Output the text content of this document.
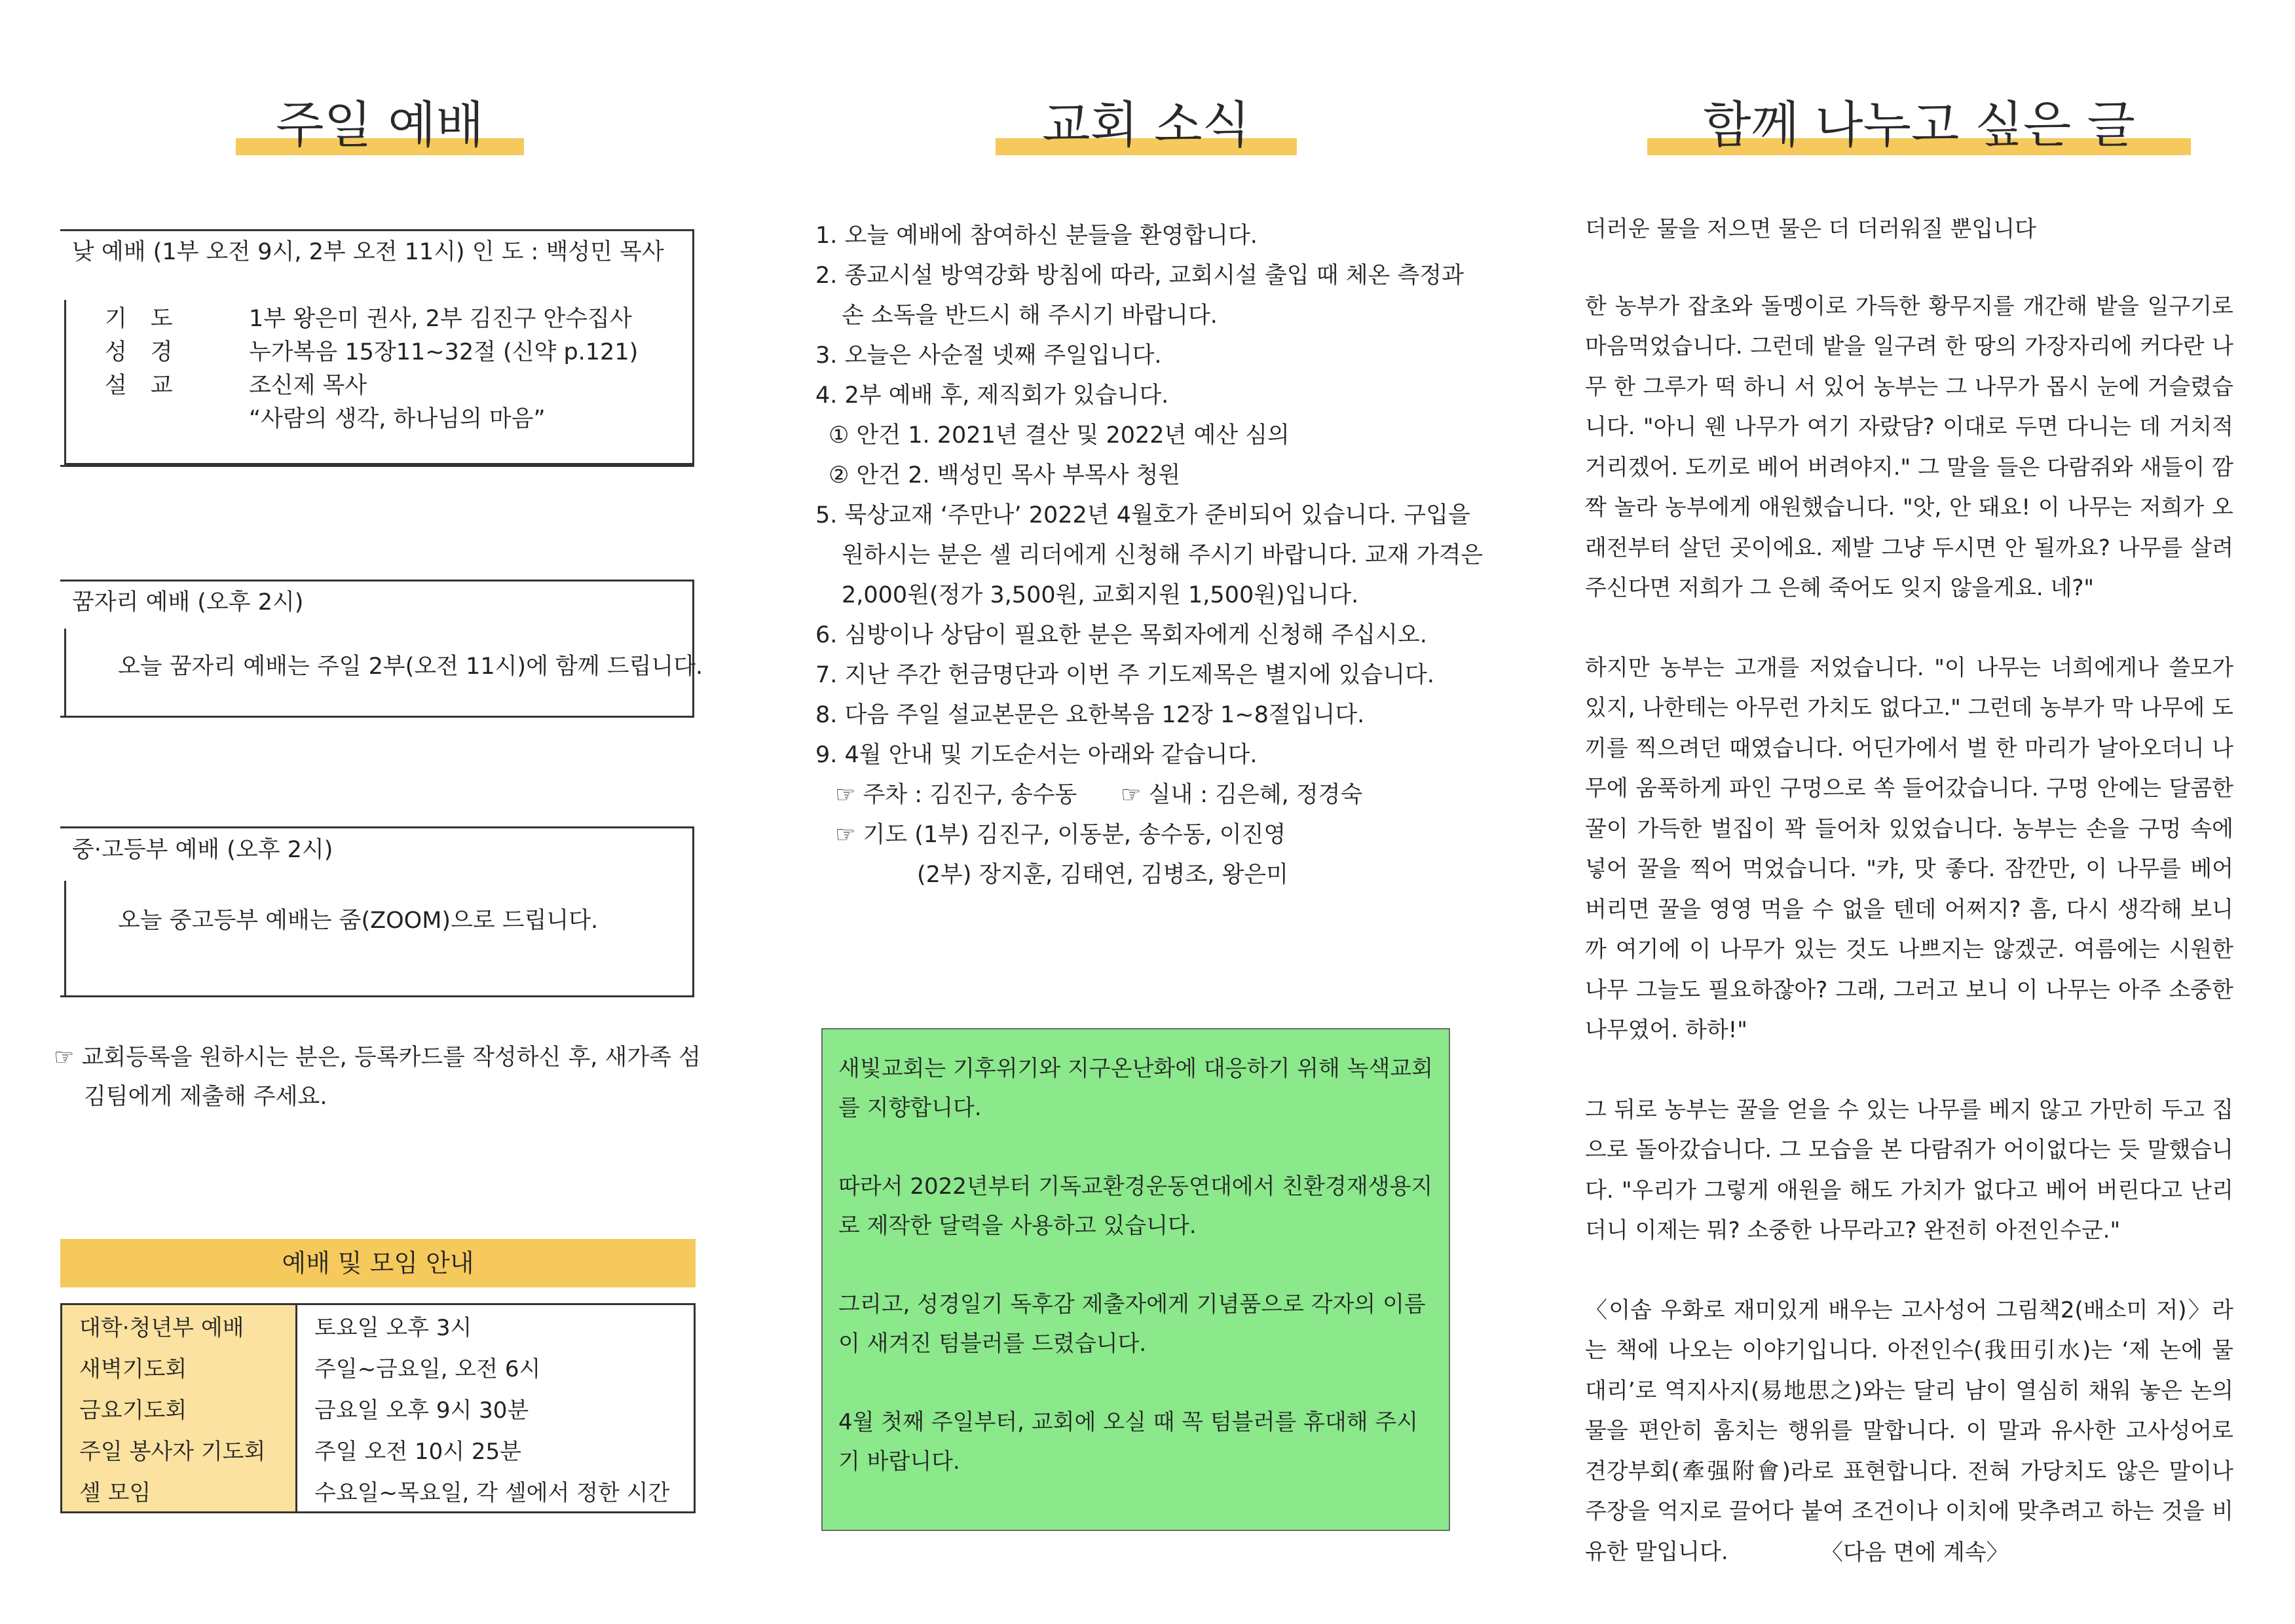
주일 예배	교회 소식	함께 나누고 싶은 글
낮 예배 (1부 오전 9시, 2부 오전 11시) 인 도 : 백성민 목사
기도	1부 왕은미 권사, 2부 김진구 안수집사
성경	누가복음 15장11~32절 (신약 p.121)
설교	조신제 목사
“사람의 생각, 하나님의 마음”
꿈자리 예배 (오후 2시)
오늘 꿈자리 예배는 주일 2부(오전 11시)에 함께 드립니다.
중·고등부 예배 (오후 2시)
오늘 중고등부 예배는 줌(ZOOM)으로 드립니다.
☞ 교회등록을 원하시는 분은, 등록카드를 작성하신 후, 새가족 섬김팀에게 제출해 주세요.
예배 및 모임 안내
대학·청년부 예배	토요일 오후 3시
새벽기도회	주일~금요일, 오전 6시
금요기도회	금요일 오후 9시 30분
주일 봉사자 기도회	주일 오전 10시 25분
셀 모임	수요일~목요일, 각 셀에서 정한 시간
1. 오늘 예배에 참여하신 분들을 환영합니다.
2. 종교시설 방역강화 방침에 따라, 교회시설 출입 때 체온 측정과
손 소독을 반드시 해 주시기 바랍니다.
3. 오늘은 사순절 넷째 주일입니다.
4. 2부 예배 후, 제직회가 있습니다.
① 안건 1. 2021년 결산 및 2022년 예산 심의
② 안건 2. 백성민 목사 부목사 청원
5. 묵상교재 ‘주만나’ 2022년 4월호가 준비되어 있습니다. 구입을
원하시는 분은 셀 리더에게 신청해 주시기 바랍니다. 교재 가격은
2,000원(정가 3,500원, 교회지원 1,500원)입니다.
6. 심방이나 상담이 필요한 분은 목회자에게 신청해 주십시오.
7. 지난 주간 헌금명단과 이번 주 기도제목은 별지에 있습니다.
8. 다음 주일 설교본문은 요한복음 12장 1~8절입니다.
9. 4월 안내 및 기도순서는 아래와 같습니다.
☞ 주차 : 김진구, 송수동      ☞ 실내 : 김은혜, 정경숙
☞ 기도 (1부) 김진구, 이동분, 송수동, 이진영
(2부) 장지훈, 김태연, 김병조, 왕은미

새빛교회는 기후위기와 지구온난화에 대응하기 위해 녹색교회를 지향합니다.

따라서 2022년부터 기독교환경운동연대에서 친환경재생용지로 제작한 달력을 사용하고 있습니다.

그리고, 성경일기 독후감 제출자에게 기념품으로 각자의 이름이 새겨진 텀블러를 드렸습니다.

4월 첫째 주일부터, 교회에 오실 때 꼭 텀블러를 휴대해 주시기 바랍니다.

더러운 물을 저으면 물은 더 더러워질 뿐입니다

한 농부가 잡초와 돌멩이로 가득한 황무지를 개간해 밭을 일구기로 마음먹었습니다. 그런데 밭을 일구려 한 땅의 가장자리에 커다란 나무 한 그루가 떡 하니 서 있어 농부는 그 나무가 몹시 눈에 거슬렸습니다. "아니 웬 나무가 여기 자랐담? 이대로 두면 다니는 데 거치적거리겠어. 도끼로 베어 버려야지." 그 말을 들은 다람쥐와 새들이 깜짝 놀라 농부에게 애원했습니다. "앗, 안 돼요! 이 나무는 저희가 오래전부터 살던 곳이에요. 제발 그냥 두시면 안 될까요? 나무를 살려 주신다면 저희가 그 은혜 죽어도 잊지 않을게요. 네?"

하지만 농부는 고개를 저었습니다. "이 나무는 너희에게나 쓸모가 있지, 나한테는 아무런 가치도 없다고." 그런데 농부가 막 나무에 도끼를 찍으려던 때였습니다. 어딘가에서 벌 한 마리가 날아오더니 나무에 움푹하게 파인 구멍으로 쏙 들어갔습니다. 구멍 안에는 달콤한 꿀이 가득한 벌집이 꽉 들어차 있었습니다. 농부는 손을 구멍 속에 넣어 꿀을 찍어 먹었습니다. "캬, 맛 좋다. 잠깐만, 이 나무를 베어 버리면 꿀을 영영 먹을 수 없을 텐데 어쩌지? 흠, 다시 생각해 보니까 여기에 이 나무가 있는 것도 나쁘지는 않겠군. 여름에는 시원한 나무 그늘도 필요하잖아? 그래, 그러고 보니 이 나무는 아주 소중한 나무였어. 하하!"

그 뒤로 농부는 꿀을 얻을 수 있는 나무를 베지 않고 가만히 두고 집으로 돌아갔습니다. 그 모습을 본 다람쥐가 어이없다는 듯 말했습니다. "우리가 그렇게 애원을 해도 가치가 없다고 베어 버린다고 난리더니 이제는 뭐? 소중한 나무라고? 완전히 아전인수군."

〈이솝 우화로 재미있게 배우는 고사성어 그림책2(배소미 저)〉라는 책에 나오는 이야기입니다. 아전인수(我田引水)는 ‘제 논에 물 대리’로 역지사지(易地思之)와는 달리 남이 열심히 채워 놓은 논의 물을 편안히 훔치는 행위를 말합니다. 이 말과 유사한 고사성어로 견강부회(牽强附會)라로 표현합니다. 전혀 가당치도 않은 말이나 주장을 억지로 끌어다 붙여 조건이나 이치에 맞추려고 하는 것을 비유한 말입니다.	〈다음 면에 계속〉
